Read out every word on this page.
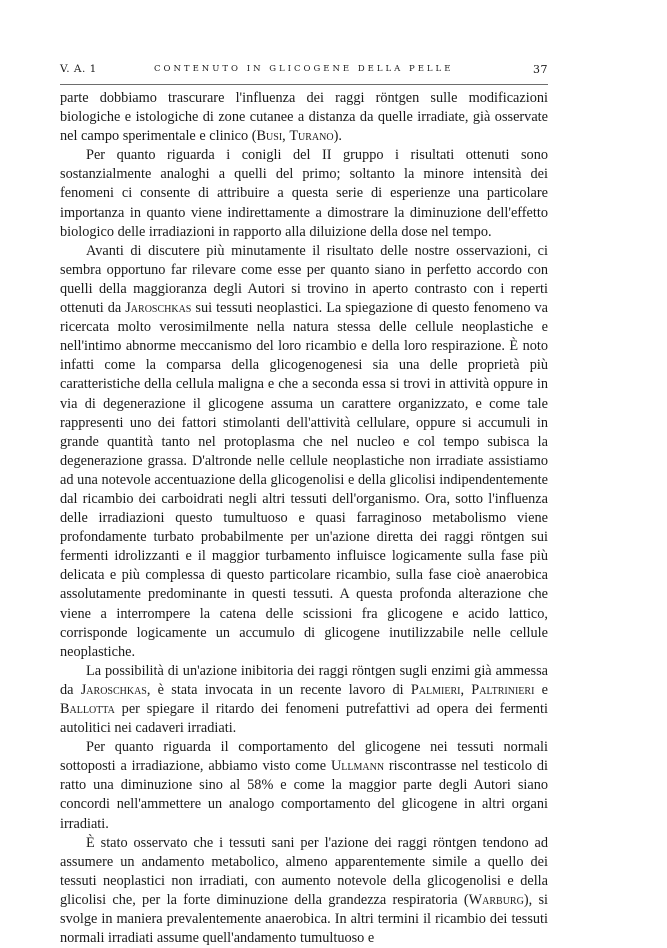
V. A. 1	CONTENUTO IN GLICOGENE DELLA PELLE	37

parte dobbiamo trascurare l'influenza dei raggi röntgen sulle modificazioni biologiche e istologiche di zone cutanee a distanza da quelle irradiate, già osservate nel campo sperimentale e clinico (Busi, Turano).

Per quanto riguarda i conigli del II gruppo i risultati ottenuti sono sostanzialmente analoghi a quelli del primo; soltanto la minore intensità dei fenomeni ci consente di attribuire a questa serie di esperienze una particolare importanza in quanto viene indirettamente a dimostrare la diminuzione dell'effetto biologico delle irradiazioni in rapporto alla diluizione della dose nel tempo.

Avanti di discutere più minutamente il risultato delle nostre osservazioni, ci sembra opportuno far rilevare come esse per quanto siano in perfetto accordo con quelli della maggioranza degli Autori si trovino in aperto contrasto con i reperti ottenuti da Jaroschkas sui tessuti neoplastici. La spiegazione di questo fenomeno va ricercata molto verosimilmente nella natura stessa delle cellule neoplastiche e nell'intimo abnorme meccanismo del loro ricambio e della loro respirazione. È noto infatti come la comparsa della glicogenogenesi sia una delle proprietà più caratteristiche della cellula maligna e che a seconda essa si trovi in attività oppure in via di degenerazione il glicogene assuma un carattere organizzato, e come tale rappresenti uno dei fattori stimolanti dell'attività cellulare, oppure si accumuli in grande quantità tanto nel protoplasma che nel nucleo e col tempo subisca la degenerazione grassa. D'altronde nelle cellule neoplastiche non irradiate assistiamo ad una notevole accentuazione della glicogenolisi e della glicolisi indipendentemente dal ricambio dei carboidrati negli altri tessuti dell'organismo. Ora, sotto l'influenza delle irradiazioni questo tumultuoso e quasi farraginoso metabolismo viene profondamente turbato probabilmente per un'azione diretta dei raggi röntgen sui fermenti idrolizzanti e il maggior turbamento influisce logicamente sulla fase più delicata e più complessa di questo particolare ricambio, sulla fase cioè anaerobica assolutamente predominante in questi tessuti. A questa profonda alterazione che viene a interrompere la catena delle scissioni fra glicogene e acido lattico, corrisponde logicamente un accumulo di glicogene inutilizzabile nelle cellule neoplastiche.

La possibilità di un'azione inibitoria dei raggi röntgen sugli enzimi già ammessa da Jaroschkas, è stata invocata in un recente lavoro di Palmieri, Paltrinieri e Ballotta per spiegare il ritardo dei fenomeni putrefattivi ad opera dei fermenti autolitici nei cadaveri irradiati.

Per quanto riguarda il comportamento del glicogene nei tessuti normali sottoposti a irradiazione, abbiamo visto come Ullmann riscontrasse nel testicolo di ratto una diminuzione sino al 58% e come la maggior parte degli Autori siano concordi nell'ammettere un analogo comportamento del glicogene in altri organi irradiati.

È stato osservato che i tessuti sani per l'azione dei raggi röntgen tendono ad assumere un andamento metabolico, almeno apparentemente simile a quello dei tessuti neoplastici non irradiati, con aumento notevole della glicogenolisi e della glicolisi che, per la forte diminuzione della grandezza respiratoria (Warburg), si svolge in maniera prevalentemente anaerobica. In altri termini il ricambio dei tessuti normali irradiati assume quell'andamento tumultuoso e
